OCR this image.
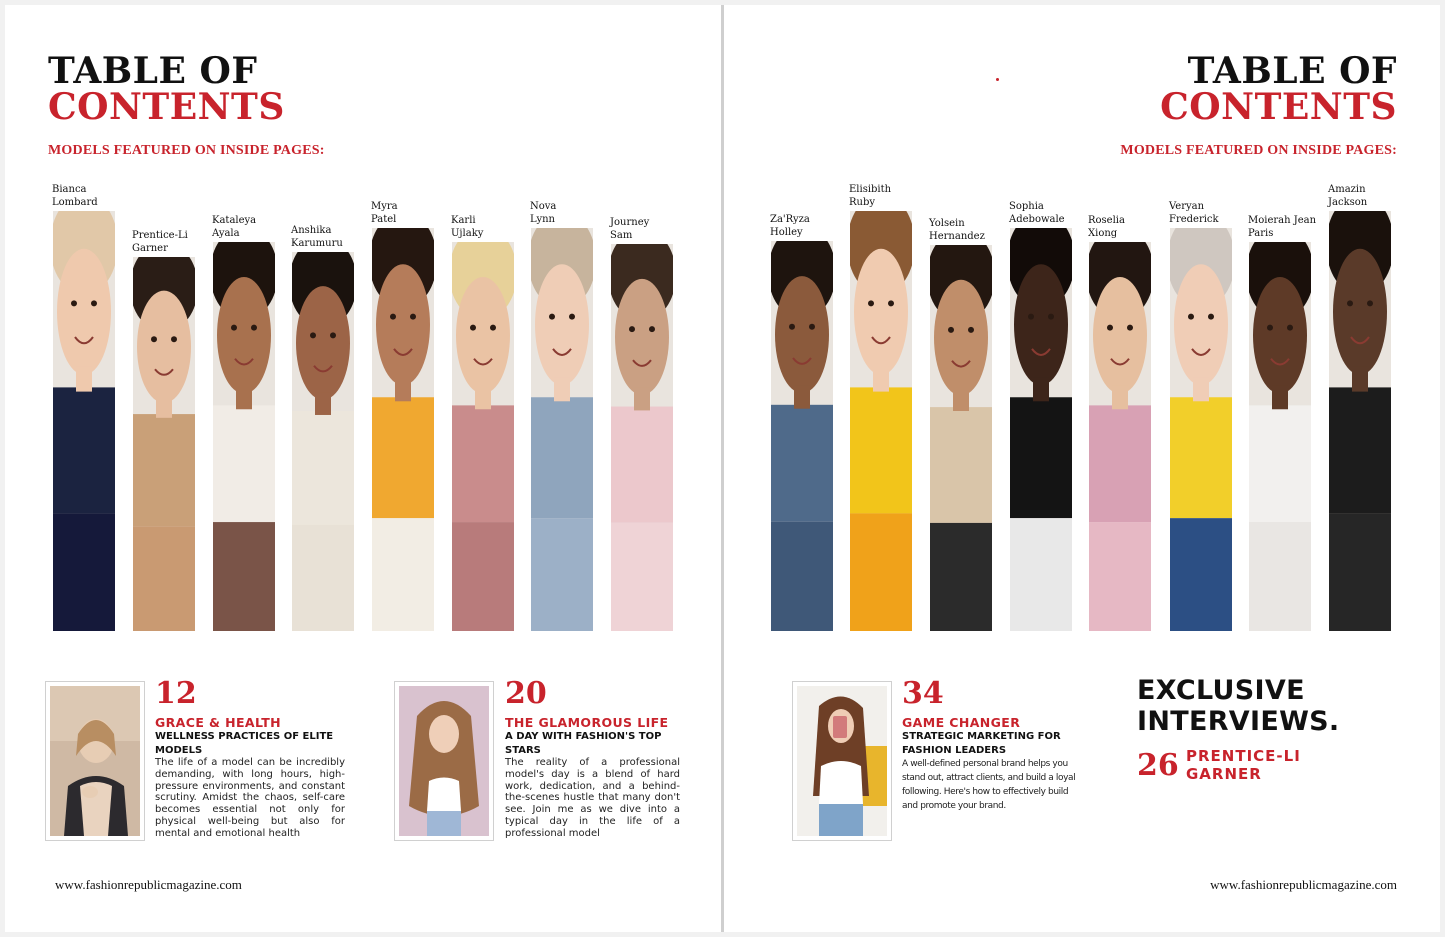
TABLE OF
CONTENTS

MODELS FEATURED ON INSIDE PAGES:

Bianca
Lombard
Prentice-Li
Garner
Kataleya
Ayala	Anshika
Karumuru
Myra
Patel	Karli
Ujlaky
Nova
Lynn	Journey
Sam

12

GRACE & HEALTH

WELLNESS PRACTICES OF ELITE MODELS

The life of a model can be incredibly demanding, with long hours, high-pressure environments, and constant scrutiny. Amidst the chaos, self-care becomes essential not only for physical well-being but also for mental and emotional health

20

THE GLAMOROUS LIFE

A DAY WITH FASHION'S TOP STARS

The reality of a professional model's day is a blend of hard work, dedication, and a behind-the-scenes hustle that many don't see. Join me as we dive into a typical day in the life of a professional model

www.fashionrepublicmagazine.com

TABLE OF
CONTENTS

MODELS FEATURED ON INSIDE PAGES:

Za'Ryza
Holley
Elisibith
Ruby
Yolsein
Hernandez
Sophia
Adebowale	Roselia
Xiong
Veryan
Frederick	Moierah Jean
Paris
Amazin
Jackson

34

GAME CHANGER

STRATEGIC MARKETING FOR FASHION LEADERS

A well-defined personal brand helps you stand out, attract clients, and build a loyal following. Here's how to effectively build and promote your brand.

EXCLUSIVE
INTERVIEWS.
26 PRENTICE-LI GARNER

www.fashionrepublicmagazine.com
